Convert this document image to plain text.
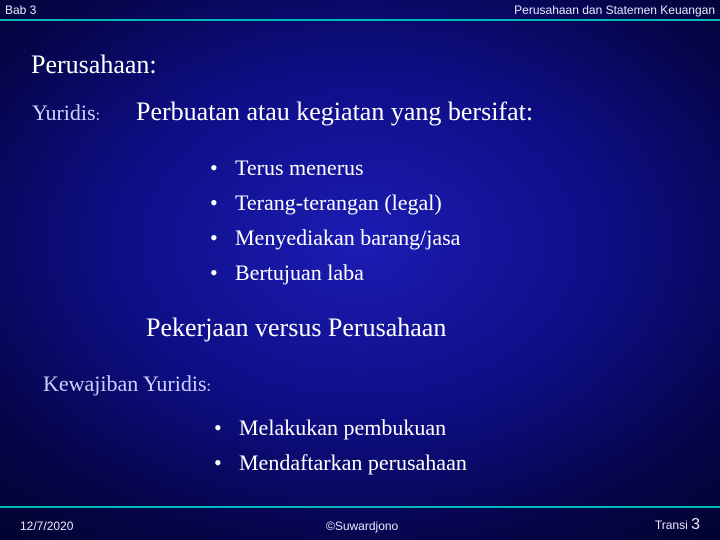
Bab 3	Perusahaan dan Statemen Keuangan
Perusahaan:
Yuridis: Perbuatan atau kegiatan yang bersifat:
• Terus menerus
• Terang-terangan (legal)
• Menyediakan barang/jasa
• Bertujuan laba
Pekerjaan versus Perusahaan
Kewajiban Yuridis:
• Melakukan pembukuan
• Mendaftarkan perusahaan
12/7/2020	©Suwardjono	Transi 3
